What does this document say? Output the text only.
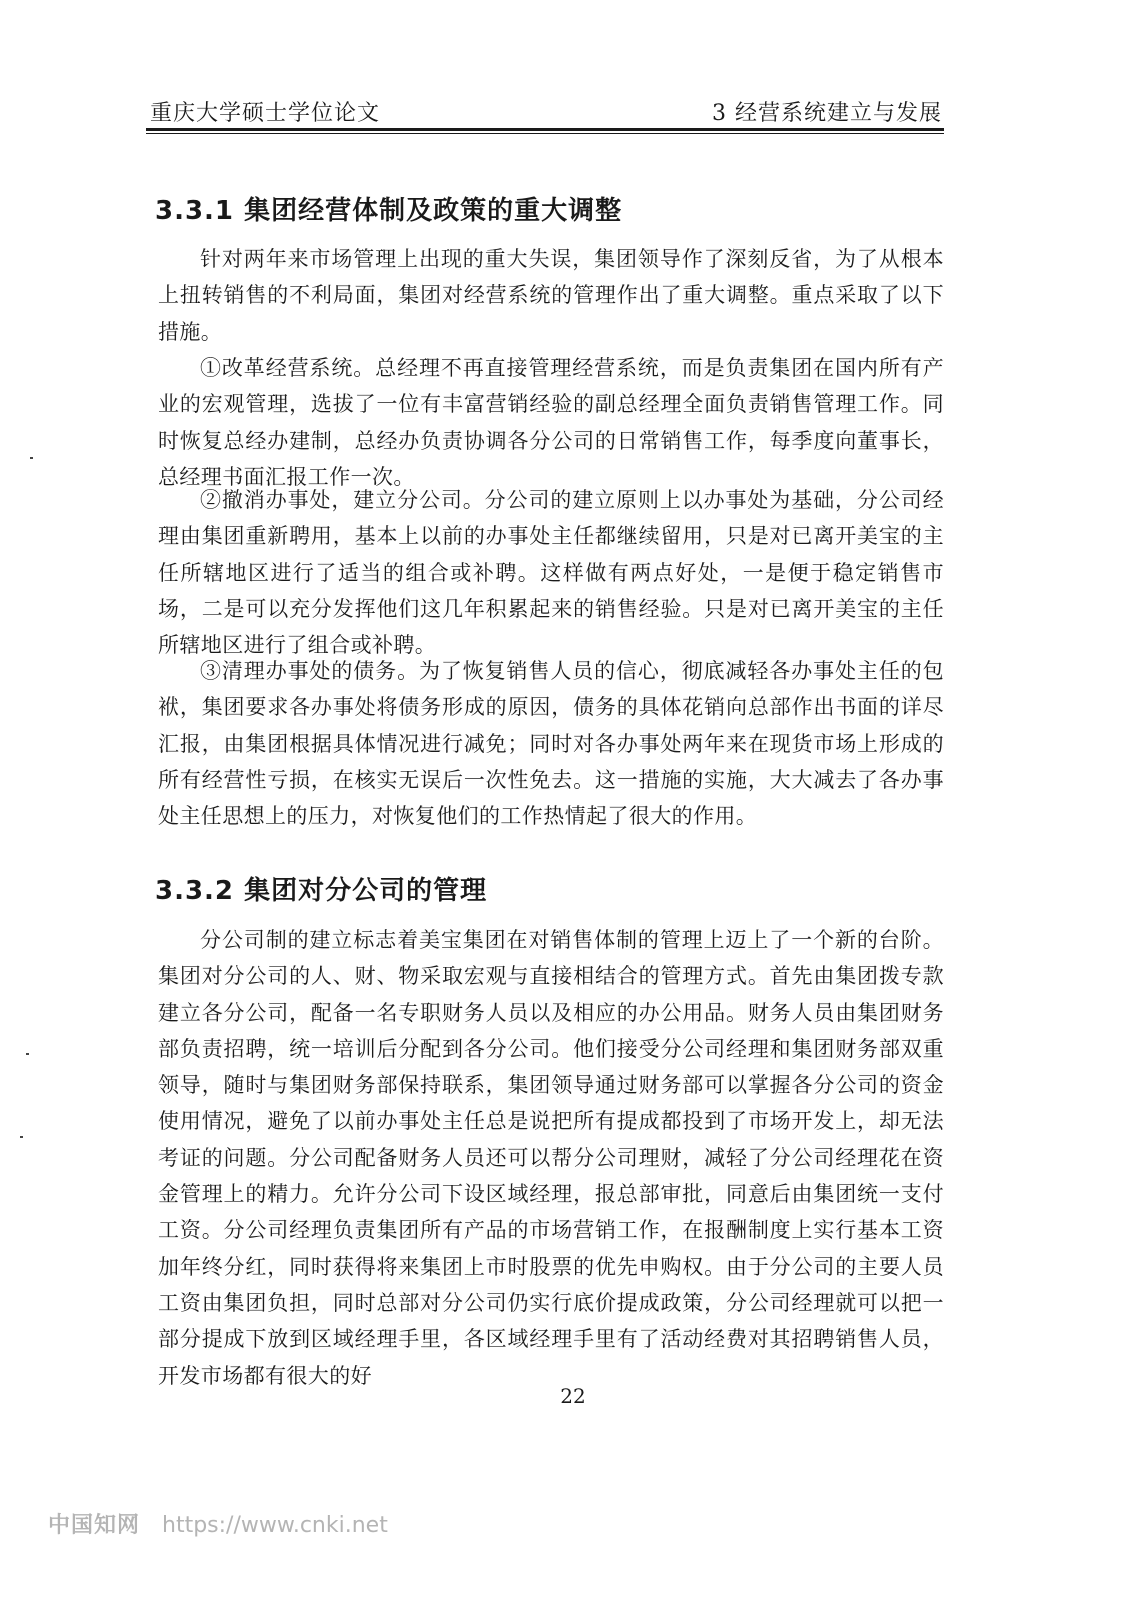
重庆大学硕士学位论文	3 经营系统建立与发展
3.3.1 集团经营体制及政策的重大调整

针对两年来市场管理上出现的重大失误，集团领导作了深刻反省，为了从根本上扭转销售的不利局面，集团对经营系统的管理作出了重大调整。重点采取了以下措施。

①改革经营系统。总经理不再直接管理经营系统，而是负责集团在国内所有产业的宏观管理，选拔了一位有丰富营销经验的副总经理全面负责销售管理工作。同时恢复总经办建制，总经办负责协调各分公司的日常销售工作，每季度向董事长，总经理书面汇报工作一次。

②撤消办事处，建立分公司。分公司的建立原则上以办事处为基础，分公司经理由集团重新聘用，基本上以前的办事处主任都继续留用，只是对已离开美宝的主任所辖地区进行了适当的组合或补聘。这样做有两点好处，一是便于稳定销售市场，二是可以充分发挥他们这几年积累起来的销售经验。只是对已离开美宝的主任所辖地区进行了组合或补聘。

③清理办事处的债务。为了恢复销售人员的信心，彻底减轻各办事处主任的包袱，集团要求各办事处将债务形成的原因，债务的具体花销向总部作出书面的详尽汇报，由集团根据具体情况进行减免；同时对各办事处两年来在现货市场上形成的所有经营性亏损，在核实无误后一次性免去。这一措施的实施，大大减去了各办事处主任思想上的压力，对恢复他们的工作热情起了很大的作用。

3.3.2 集团对分公司的管理

分公司制的建立标志着美宝集团在对销售体制的管理上迈上了一个新的台阶。集团对分公司的人、财、物采取宏观与直接相结合的管理方式。首先由集团拨专款建立各分公司，配备一名专职财务人员以及相应的办公用品。财务人员由集团财务部负责招聘，统一培训后分配到各分公司。他们接受分公司经理和集团财务部双重领导，随时与集团财务部保持联系，集团领导通过财务部可以掌握各分公司的资金使用情况，避免了以前办事处主任总是说把所有提成都投到了市场开发上，却无法考证的问题。分公司配备财务人员还可以帮分公司理财，减轻了分公司经理花在资金管理上的精力。允许分公司下设区域经理，报总部审批，同意后由集团统一支付工资。分公司经理负责集团所有产品的市场营销工作，在报酬制度上实行基本工资加年终分红，同时获得将来集团上市时股票的优先申购权。由于分公司的主要人员工资由集团负担，同时总部对分公司仍实行底价提成政策，分公司经理就可以把一部分提成下放到区域经理手里，各区域经理手里有了活动经费对其招聘销售人员，开发市场都有很大的好

22
中国知网 https://www.cnki.net
